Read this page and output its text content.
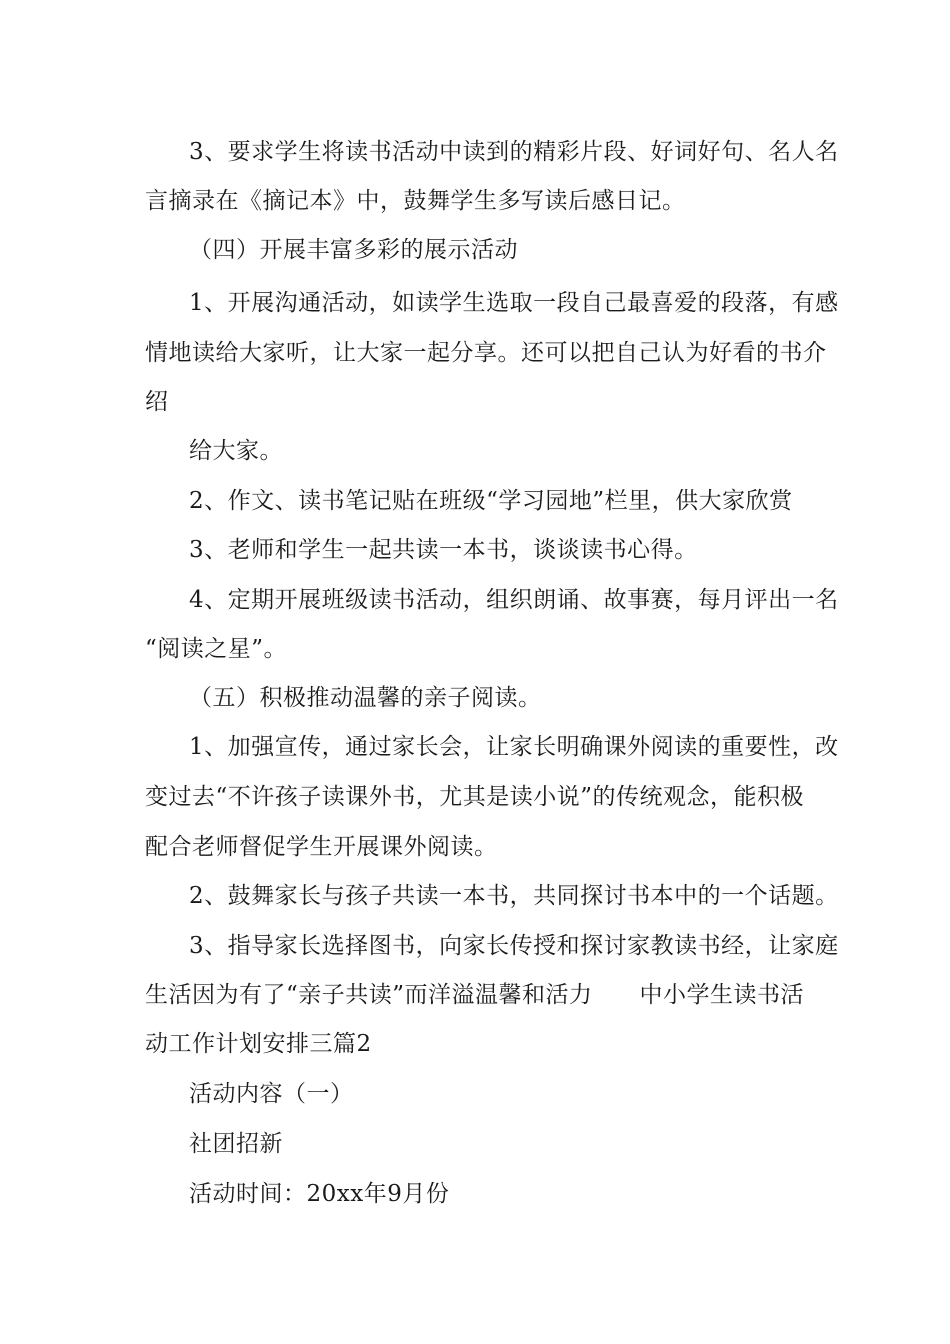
3、要求学生将读书活动中读到的精彩片段、好词好句、名人名
言摘录在《摘记本》中，鼓舞学生多写读后感日记。
（四）开展丰富多彩的展示活动
1、开展沟通活动，如读学生选取一段自己最喜爱的段落，有感
情地读给大家听，让大家一起分享。还可以把自己认为好看的书介
绍
给大家。
2、作文、读书笔记贴在班级“学习园地”栏里，供大家欣赏
3、老师和学生一起共读一本书，谈谈读书心得。
4、定期开展班级读书活动，组织朗诵、故事赛，每月评出一名
“阅读之星”。
（五）积极推动温馨的亲子阅读。
1、加强宣传，通过家长会，让家长明确课外阅读的重要性，改
变过去“不许孩子读课外书，尤其是读小说”的传统观念，能积极
配合老师督促学生开展课外阅读。
2、鼓舞家长与孩子共读一本书，共同探讨书本中的一个话题。
3、指导家长选择图书，向家长传授和探讨家教读书经，让家庭
生活因为有了“亲子共读”而洋溢温馨和活力　　中小学生读书活
动工作计划安排三篇2
活动内容（一）
社团招新
活动时间：20xx年9月份
